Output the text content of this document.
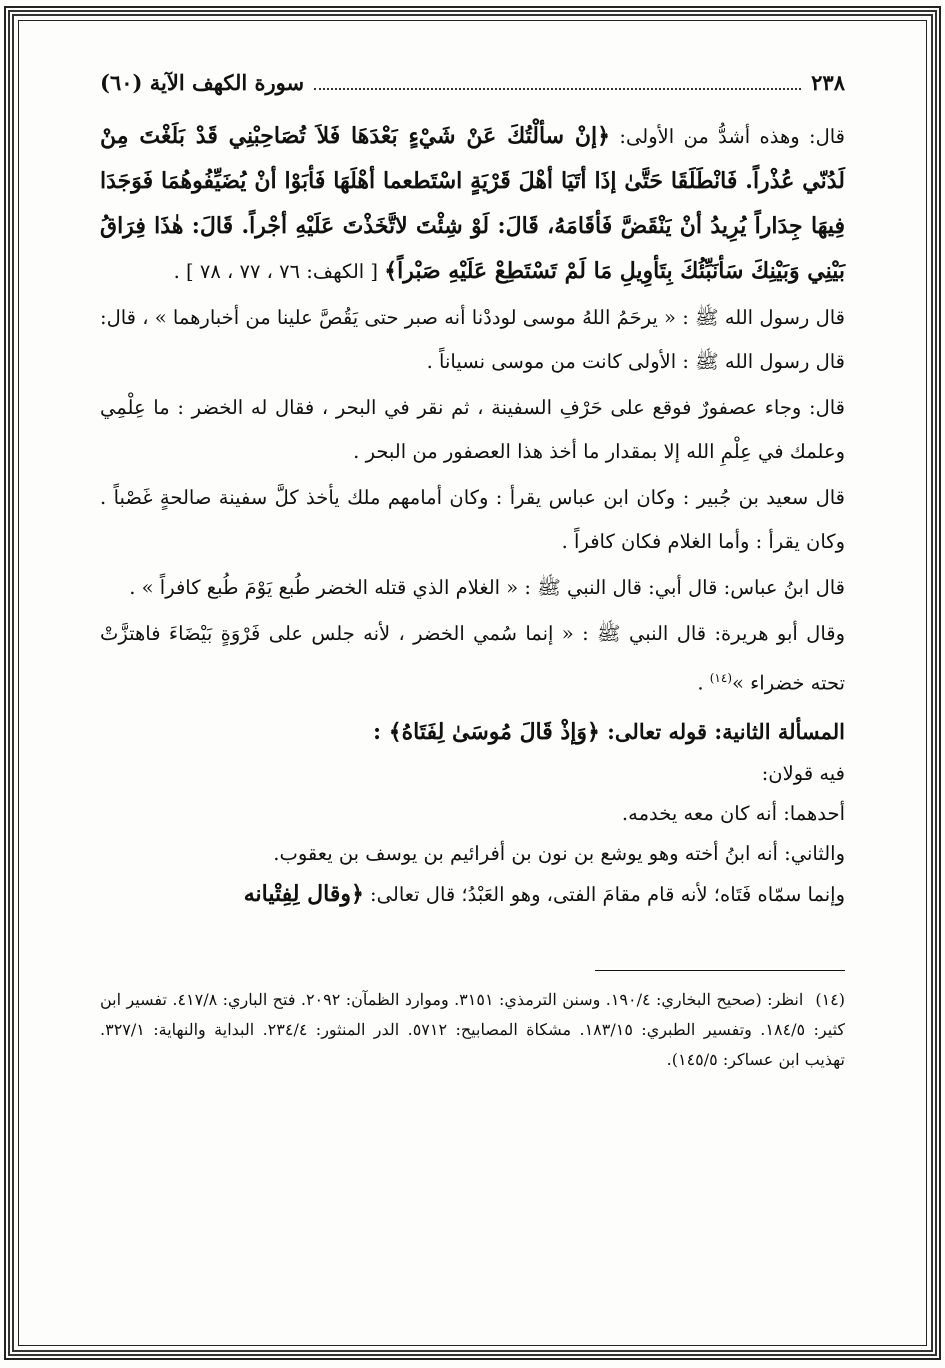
٢٣٨
سورة الكهف الآية (٦٠)

قال: وهذه أشدُّ من الأولى: ﴿إنْ سألْتُكَ عَنْ شَيْءٍ بَعْدَهَا فَلاَ تُصَاحِبْنِي قَدْ بَلَغْتَ مِنْ لَدُنّي عُذْراً. فَانْطَلَقَا حَتَّىٰ إذَا أتَيَا أهْلَ قَرْيَةٍ اسْتَطعما أهْلَهَا فَأبَوْا أنْ يُضَيِّفُوهُمَا فَوَجَدَا فِيهَا جِدَاراً يُرِيدُ أنْ يَنْقَضَّ فَأقَامَهُ، قَالَ: لَوْ شِئْتَ لاتَّخَذْتَ عَلَيْهِ أجْراً. قَالَ: هٰذَا فِرَاقُ بَيْنِي وَبَيْنِكَ سَأنَبِّئُكَ بِتَأوِيلِ مَا لَمْ تَسْتَطِعْ عَلَيْهِ صَبْراً﴾ [ الكهف: ٧٦ ، ٧٧ ، ٧٨ ] .

قال رسول الله ﷺ : « يرحَمُ اللهُ موسى لوددْنا أنه صبر حتى يَقُصَّ علينا من أخبارهما » ، قال: قال رسول الله ﷺ : الأولى كانت من موسى نسياناً .

قال: وجاء عصفورٌ فوقع على حَرْفِ السفينة ، ثم نقر في البحر ، فقال له الخضر : ما عِلْمِي وعلمك في عِلْمِ الله إلا بمقدار ما أخذ هذا العصفور من البحر .

قال سعيد بن جُبير : وكان ابن عباس يقرأ : وكان أمامهم ملك يأخذ كلَّ سفينة صالحةٍ غَصْباً . وكان يقرأ : وأما الغلام فكان كافراً .

قال ابنُ عباس: قال أبي: قال النبي ﷺ : « الغلام الذي قتله الخضر طُبع يَوْمَ طُبع كافراً » .

وقال أبو هريرة: قال النبي ﷺ : « إنما سُمي الخضر ، لأنه جلس على فَرْوَةٍ بَيْضَاءَ فاهتزَّتْ تحته خضراء »$^{(١٤)}$ .

المسألة الثانية: قوله تعالى: ﴿وَإذْ قَالَ مُوسَىٰ لِفَتَاهُ﴾ :
فيه قولان:
أحدهما: أنه كان معه يخدمه.
والثاني: أنه ابنُ أخته وهو يوشع بن نون بن أفرائيم بن يوسف بن يعقوب.
وإنما سمّاه فَتَاه؛ لأنه قام مقامَ الفتى، وهو العَبْدُ؛ قال تعالى: ﴿وقال لِفِتْيانه
(١٤)انظر: (صحيح البخاري: ١٩٠/٤. وسنن الترمذي: ٣١٥١. وموارد الظمآن: ٢٠٩٢. فتح الباري: ٤١٧/٨. تفسير ابن كثير: ١٨٤/٥. وتفسير الطبري: ١٨٣/١٥. مشكاة المصابيح: ٥٧١٢. الدر المنثور: ٢٣٤/٤. البداية والنهاية: ٣٢٧/١. تهذيب ابن عساكر: ١٤٥/٥).
